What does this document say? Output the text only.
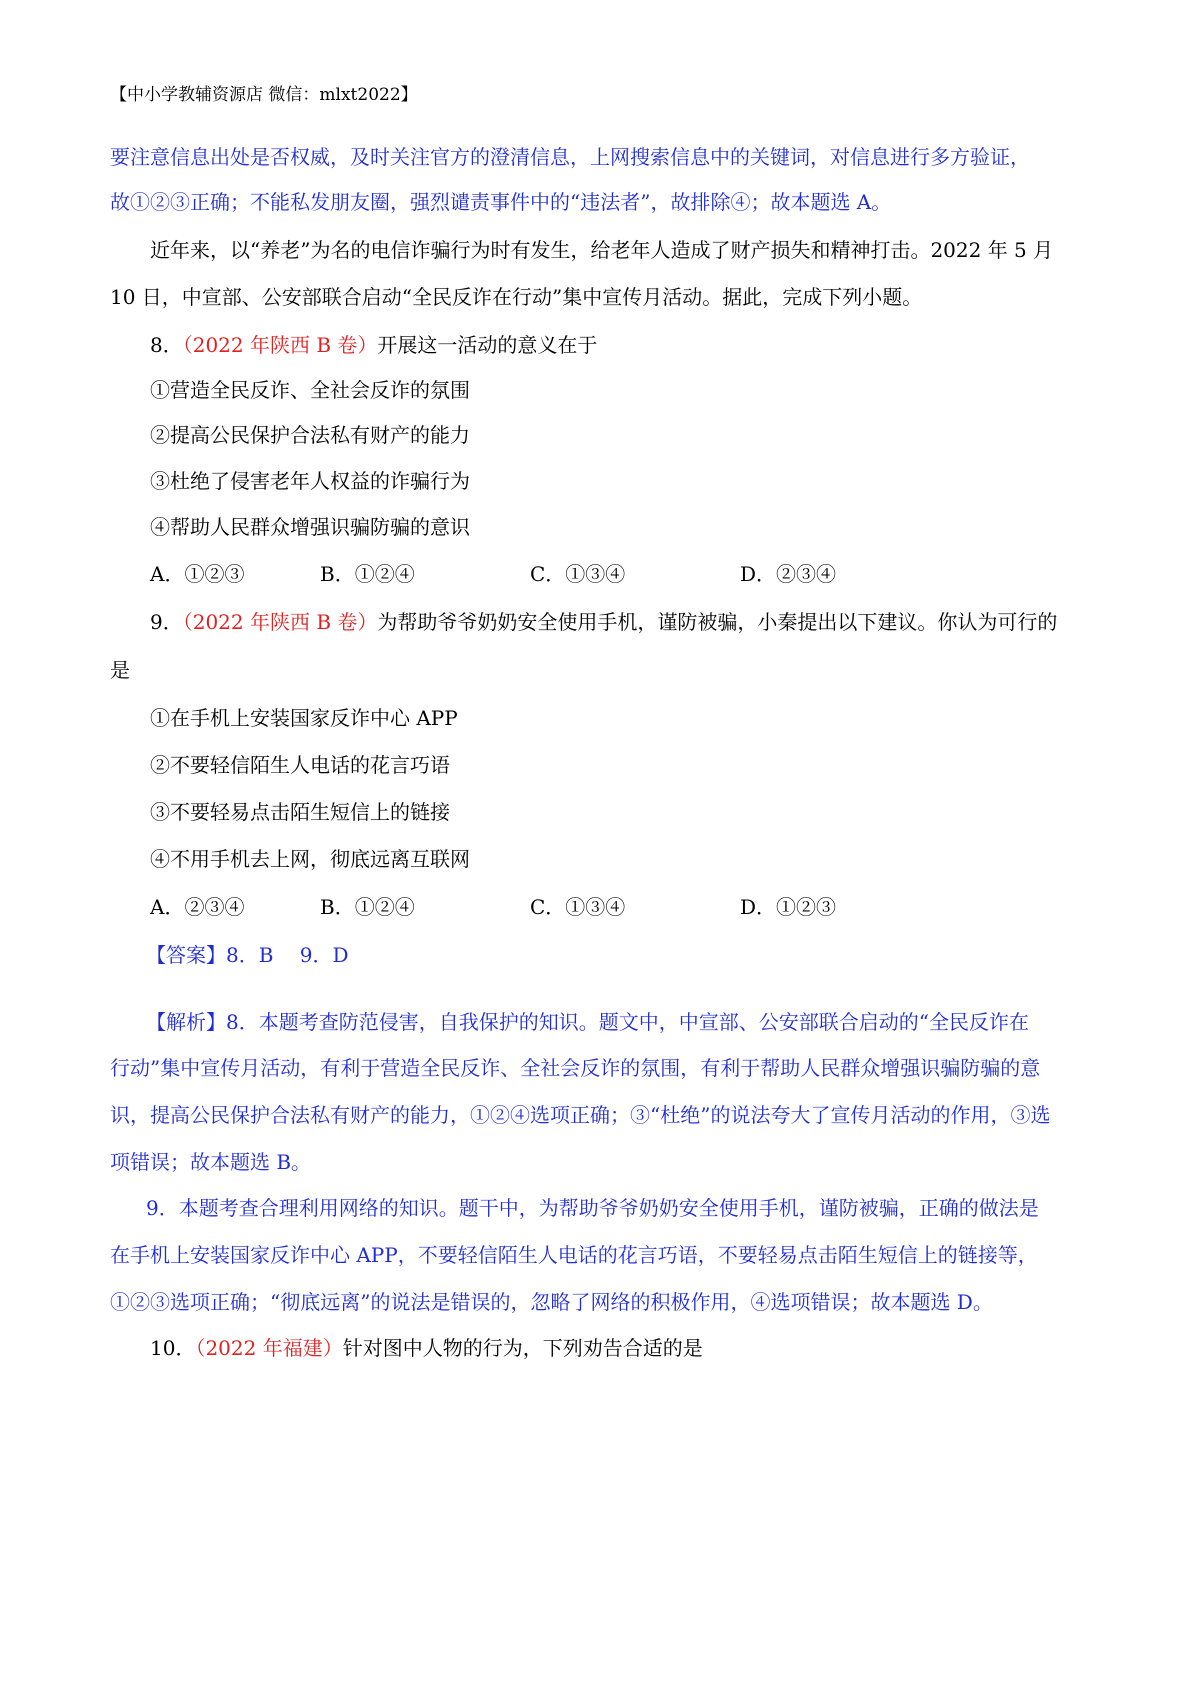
【中小学教辅资源店 微信：mlxt2022】
要注意信息出处是否权威，及时关注官方的澄清信息，上网搜索信息中的关键词，对信息进行多方验证，
故①②③正确；不能私发朋友圈，强烈谴责事件中的“违法者”，故排除④；故本题选 A。
近年来，以“养老”为名的电信诈骗行为时有发生，给老年人造成了财产损失和精神打击。2022 年 5 月
10 日，中宣部、公安部联合启动“全民反诈在行动”集中宣传月活动。据此，完成下列小题。
8．（2022 年陕西 B 卷）开展这一活动的意义在于
①营造全民反诈、全社会反诈的氛围
②提高公民保护合法私有财产的能力
③杜绝了侵害老年人权益的诈骗行为
④帮助人民群众增强识骗防骗的意识
A．①②③	B．①②④	C．①③④	D．②③④
9．（2022 年陕西 B 卷）为帮助爷爷奶奶安全使用手机，谨防被骗，小秦提出以下建议。你认为可行的
是
①在手机上安装国家反诈中心 APP
②不要轻信陌生人电话的花言巧语
③不要轻易点击陌生短信上的链接
④不用手机去上网，彻底远离互联网
A．②③④	B．①②④	C．①③④	D．①②③
【答案】8．B　 9．D
【解析】8．本题考查防范侵害，自我保护的知识。题文中，中宣部、公安部联合启动的“全民反诈在
行动”集中宣传月活动，有利于营造全民反诈、全社会反诈的氛围，有利于帮助人民群众增强识骗防骗的意
识，提高公民保护合法私有财产的能力，①②④选项正确；③“杜绝”的说法夸大了宣传月活动的作用，③选
项错误；故本题选 B。
9．本题考查合理利用网络的知识。题干中，为帮助爷爷奶奶安全使用手机，谨防被骗，正确的做法是
在手机上安装国家反诈中心 APP，不要轻信陌生人电话的花言巧语，不要轻易点击陌生短信上的链接等，
①②③选项正确；“彻底远离”的说法是错误的，忽略了网络的积极作用，④选项错误；故本题选 D。
10．（2022 年福建）针对图中人物的行为，下列劝告合适的是
